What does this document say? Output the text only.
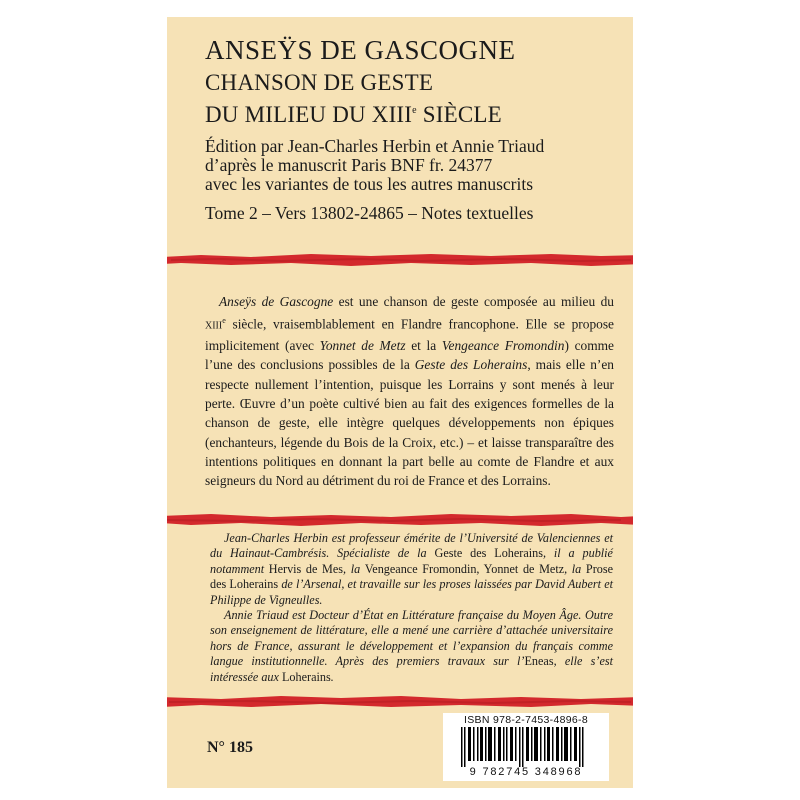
ANSEŸS DE GASCOGNE
CHANSON DE GESTE
DU MILIEU DU XIIIe SIÈCLE
Édition par Jean-Charles Herbin et Annie Triaud
d’après le manuscrit Paris BNF fr. 24377
avec les variantes de tous les autres manuscrits
Tome 2 – Vers 13802-24865 – Notes textuelles

Anseÿs de Gascogne est une chanson de geste composée au milieu du XIIIe siècle, vraisemblablement en Flandre francophone. Elle se propose implicitement (avec Yonnet de Metz et la Vengeance Fromondin) comme l’une des conclusions possibles de la Geste des Loherains, mais elle n’en respecte nullement l’intention, puisque les Lorrains y sont menés à leur perte. Œuvre d’un poète cultivé bien au fait des exigences formelles de la chanson de geste, elle intègre quelques développements non épiques (enchanteurs, légende du Bois de la Croix, etc.) – et laisse transparaître des intentions politiques en donnant la part belle au comte de Flandre et aux seigneurs du Nord au détriment du roi de France et des Lorrains.

Jean-Charles Herbin est professeur émérite de l’Université de Valenciennes et du Hainaut-Cambrésis. Spécialiste de la Geste des Loherains, il a publié notamment Hervis de Mes, la Vengeance Fromondin, Yonnet de Metz, la Prose des Loherains de l’Arsenal, et travaille sur les proses laissées par David Aubert et Philippe de Vigneulles.

Annie Triaud est Docteur d’État en Littérature française du Moyen Âge. Outre son enseignement de littérature, elle a mené une carrière d’attachée universitaire hors de France, assurant le développement et l’expansion du français comme langue institutionnelle. Après des premiers travaux sur l’Eneas, elle s’est intéressée aux Loherains.

N° 185
ISBN 978-2-7453-4896-8
9 782745 348968
